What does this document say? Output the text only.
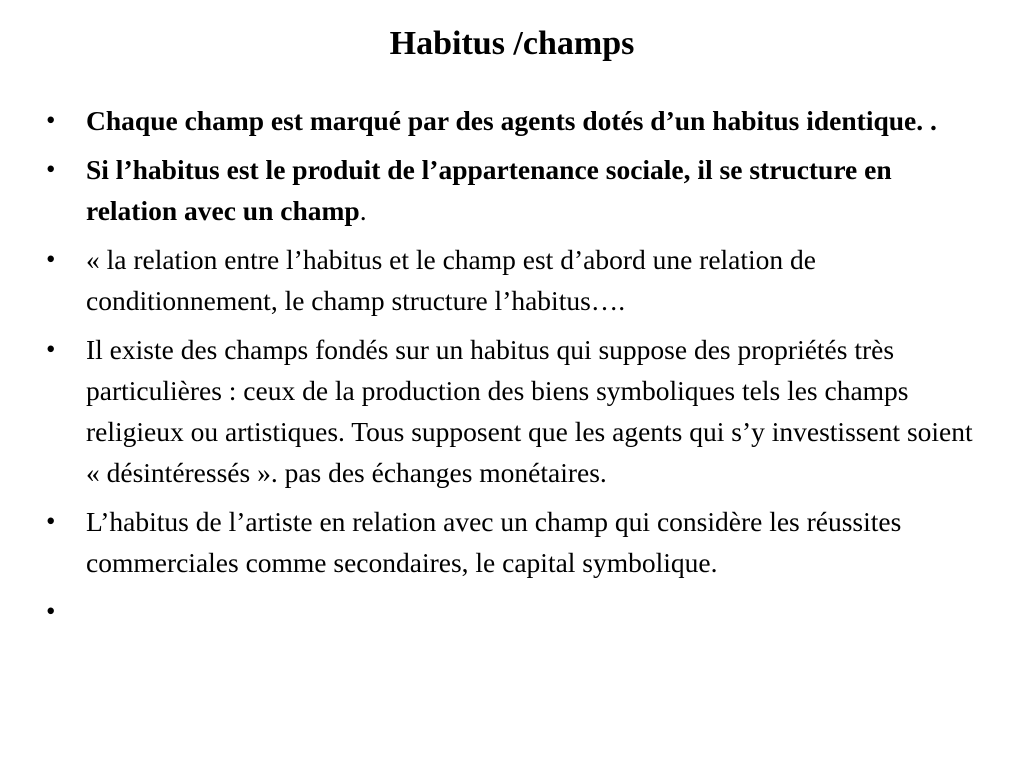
Habitus /champs
• Chaque champ est marqué par des agents dotés d’un habitus identique. .
• Si l’habitus est le produit de l’appartenance sociale, il se structure en relation avec un champ.
• « la relation entre l’habitus et le champ est d’abord une relation de conditionnement, le champ structure l’habitus….
• Il existe des champs fondés sur un habitus qui suppose des propriétés très particulières : ceux de la production des biens symboliques tels les champs religieux ou artistiques. Tous supposent que les agents qui s’y investissent soient « désintéressés ». pas des échanges monétaires.
• L’habitus de l’artiste en relation avec un champ qui considère les réussites commerciales comme secondaires, le capital symbolique.
•
